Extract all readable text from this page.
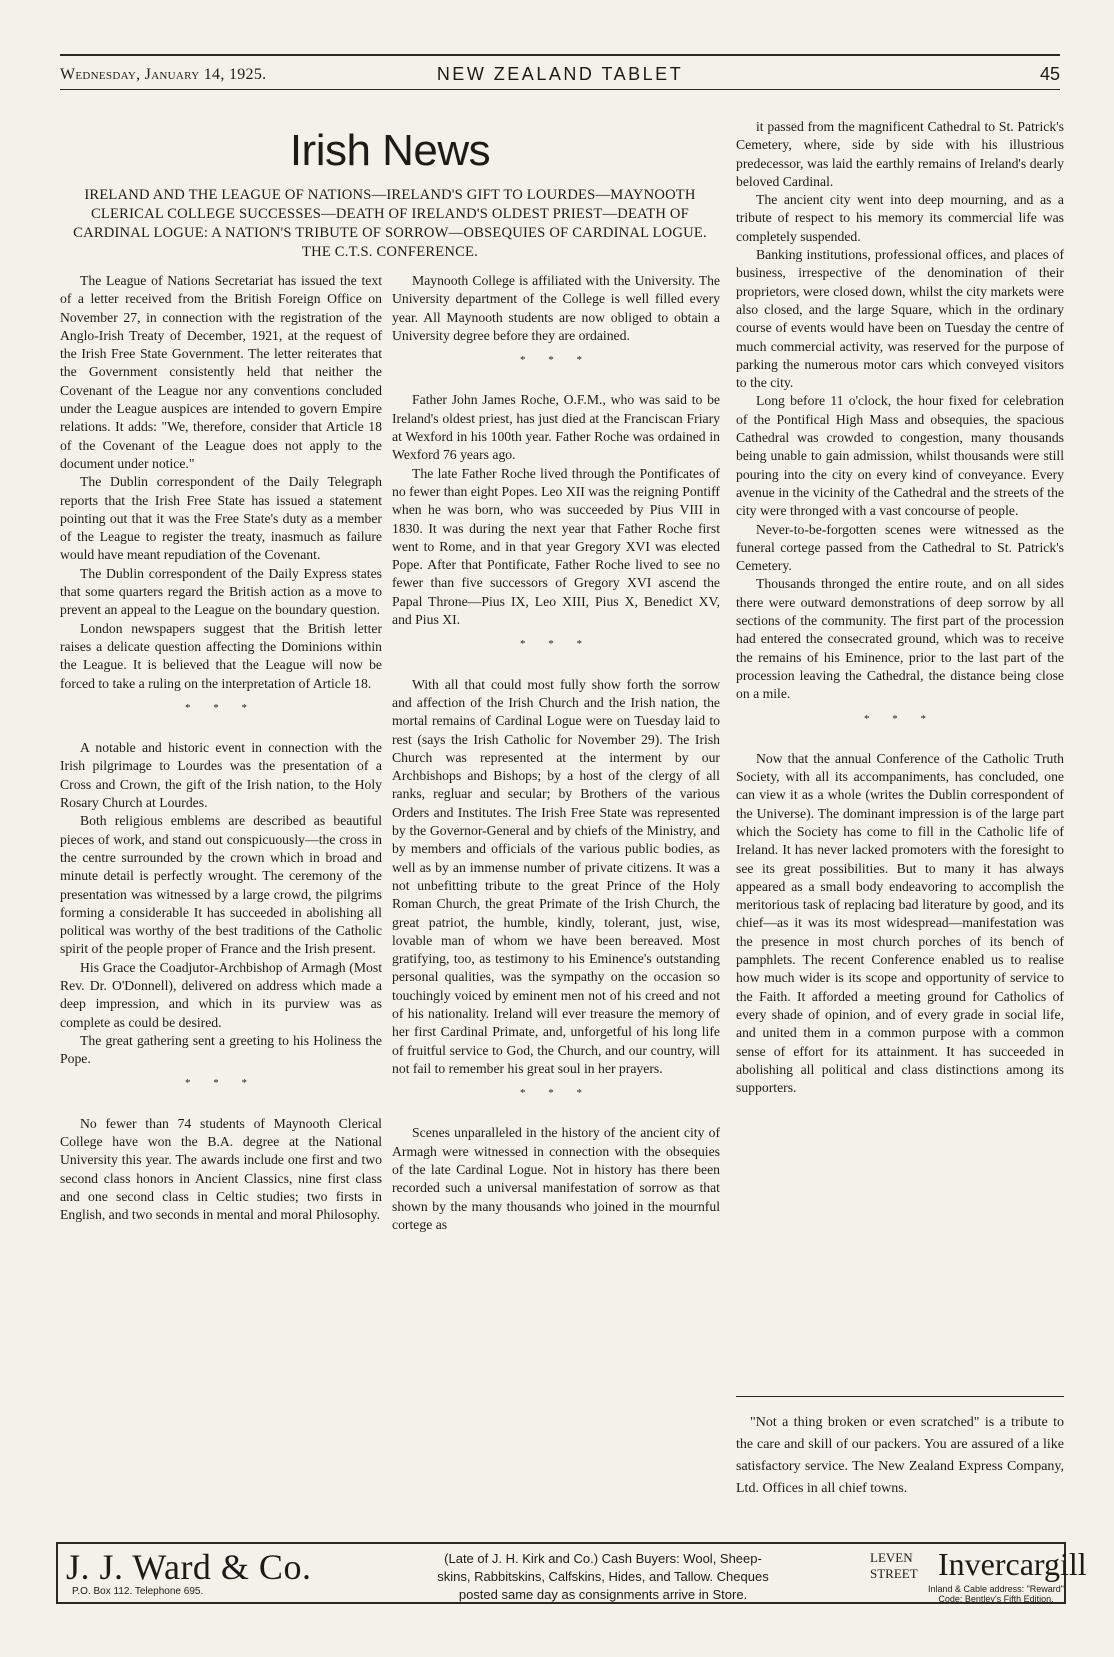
Wednesday, January 14, 1925.	NEW ZEALAND TABLET	45
Irish News
IRELAND AND THE LEAGUE OF NATIONS—IRELAND'S GIFT TO LOURDES—MAYNOOTH CLERICAL COLLEGE SUCCESSES—DEATH OF IRELAND'S OLDEST PRIEST—DEATH OF CARDINAL LOGUE: A NATION'S TRIBUTE OF SORROW—OBSEQUIES OF CARDINAL LOGUE. THE C.T.S. CONFERENCE.

The League of Nations Secretariat has issued the text of a letter received from the British Foreign Office on November 27, in connection with the registration of the Anglo-Irish Treaty of December, 1921, at the request of the Irish Free State Government. The letter reiterates that the Government consistently held that neither the Covenant of the League nor any conventions concluded under the League auspices are intended to govern Empire relations. It adds: "We, therefore, consider that Article 18 of the Covenant of the League does not apply to the document under notice."

The Dublin correspondent of the Daily Telegraph reports that the Irish Free State has issued a statement pointing out that it was the Free State's duty as a member of the League to register the treaty, inasmuch as failure would have meant repudiation of the Covenant.

The Dublin correspondent of the Daily Express states that some quarters regard the British action as a move to prevent an appeal to the League on the boundary question.

London newspapers suggest that the British letter raises a delicate question affecting the Dominions within the League. It is believed that the League will now be forced to take a ruling on the interpretation of Article 18.

* * *

A notable and historic event in connection with the Irish pilgrimage to Lourdes was the presentation of a Cross and Crown, the gift of the Irish nation, to the Holy Rosary Church at Lourdes.

Both religious emblems are described as beautiful pieces of work, and stand out conspicuously—the cross in the centre surrounded by the crown which in broad and minute detail is perfectly wrought. The ceremony of the presentation was witnessed by a large crowd, the pilgrims forming a considerable It has succeeded in abolishing all political was worthy of the best traditions of the Catholic spirit of the people proper of France and the Irish present.

His Grace the Coadjutor-Archbishop of Armagh (Most Rev. Dr. O'Donnell), delivered on address which made a deep impression, and which in its purview was as complete as could be desired.

The great gathering sent a greeting to his Holiness the Pope.

* * *

No fewer than 74 students of Maynooth Clerical College have won the B.A. degree at the National University this year. The awards include one first and two second class honors in Ancient Classics, nine first class and one second class in Celtic studies; two firsts in English, and two seconds in mental and moral Philosophy.

Maynooth College is affiliated with the University. The University department of the College is well filled every year. All Maynooth students are now obliged to obtain a University degree before they are ordained.

* * *

Father John James Roche, O.F.M., who was said to be Ireland's oldest priest, has just died at the Franciscan Friary at Wexford in his 100th year. Father Roche was ordained in Wexford 76 years ago.

The late Father Roche lived through the Pontificates of no fewer than eight Popes. Leo XII was the reigning Pontiff when he was born, who was succeeded by Pius VIII in 1830. It was during the next year that Father Roche first went to Rome, and in that year Gregory XVI was elected Pope. After that Pontificate, Father Roche lived to see no fewer than five successors of Gregory XVI ascend the Papal Throne—Pius IX, Leo XIII, Pius X, Benedict XV, and Pius XI.

* * *

With all that could most fully show forth the sorrow and affection of the Irish Church and the Irish nation, the mortal remains of Cardinal Logue were on Tuesday laid to rest (says the Irish Catholic for November 29). The Irish Church was represented at the interment by our Archbishops and Bishops; by a host of the clergy of all ranks, regluar and secular; by Brothers of the various Orders and Institutes. The Irish Free State was represented by the Governor-General and by chiefs of the Ministry, and by members and officials of the various public bodies, as well as by an immense number of private citizens. It was a not unbefitting tribute to the great Prince of the Holy Roman Church, the great Primate of the Irish Church, the great patriot, the humble, kindly, tolerant, just, wise, lovable man of whom we have been bereaved. Most gratifying, too, as testimony to his Eminence's outstanding personal qualities, was the sympathy on the occasion so touchingly voiced by eminent men not of his creed and not of his nationality. Ireland will ever treasure the memory of her first Cardinal Primate, and, unforgetful of his long life of fruitful service to God, the Church, and our country, will not fail to remember his great soul in her prayers.

* * *

Scenes unparalleled in the history of the ancient city of Armagh were witnessed in connection with the obsequies of the late Cardinal Logue. Not in history has there been recorded such a universal manifestation of sorrow as that shown by the many thousands who joined in the mournful cortege as

it passed from the magnificent Cathedral to St. Patrick's Cemetery, where, side by side with his illustrious predecessor, was laid the earthly remains of Ireland's dearly beloved Cardinal.

The ancient city went into deep mourning, and as a tribute of respect to his memory its commercial life was completely suspended.

Banking institutions, professional offices, and places of business, irrespective of the denomination of their proprietors, were closed down, whilst the city markets were also closed, and the large Square, which in the ordinary course of events would have been on Tuesday the centre of much commercial activity, was reserved for the purpose of parking the numerous motor cars which conveyed visitors to the city.

Long before 11 o'clock, the hour fixed for celebration of the Pontifical High Mass and obsequies, the spacious Cathedral was crowded to congestion, many thousands being unable to gain admission, whilst thousands were still pouring into the city on every kind of conveyance. Every avenue in the vicinity of the Cathedral and the streets of the city were thronged with a vast concourse of people.

Never-to-be-forgotten scenes were witnessed as the funeral cortege passed from the Cathedral to St. Patrick's Cemetery.

Thousands thronged the entire route, and on all sides there were outward demonstrations of deep sorrow by all sections of the community. The first part of the procession had entered the consecrated ground, which was to receive the remains of his Eminence, prior to the last part of the procession leaving the Cathedral, the distance being close on a mile.

* * *

Now that the annual Conference of the Catholic Truth Society, with all its accompaniments, has concluded, one can view it as a whole (writes the Dublin correspondent of the Universe). The dominant impression is of the large part which the Society has come to fill in the Catholic life of Ireland. It has never lacked promoters with the foresight to see its great possibilities. But to many it has always appeared as a small body endeavoring to accomplish the meritorious task of replacing bad literature by good, and its chief—as it was its most widespread—manifestation was the presence in most church porches of its bench of pamphlets. The recent Conference enabled us to realise how much wider is its scope and opportunity of service to the Faith. It afforded a meeting ground for Catholics of every shade of opinion, and of every grade in social life, and united them in a common purpose with a common sense of effort for its attainment. It has succeeded in abolishing all political and class distinctions among its supporters.

"Not a thing broken or even scratched" is a tribute to the care and skill of our packers. You are assured of a like satisfactory service. The New Zealand Express Company, Ltd. Offices in all chief towns.

J. J. Ward & Co.
P.O. Box 112. Telephone 695.
(Late of J. H. Kirk and Co.) Cash Buyers: Wool, Sheep-
skins, Rabbitskins, Calfskins, Hides, and Tallow. Cheques
posted same day as consignments arrive in Store.
LEVEN
STREET Invercargill
Inland & Cable address: "Reward"
Code: Bentley's Fifth Edition.
